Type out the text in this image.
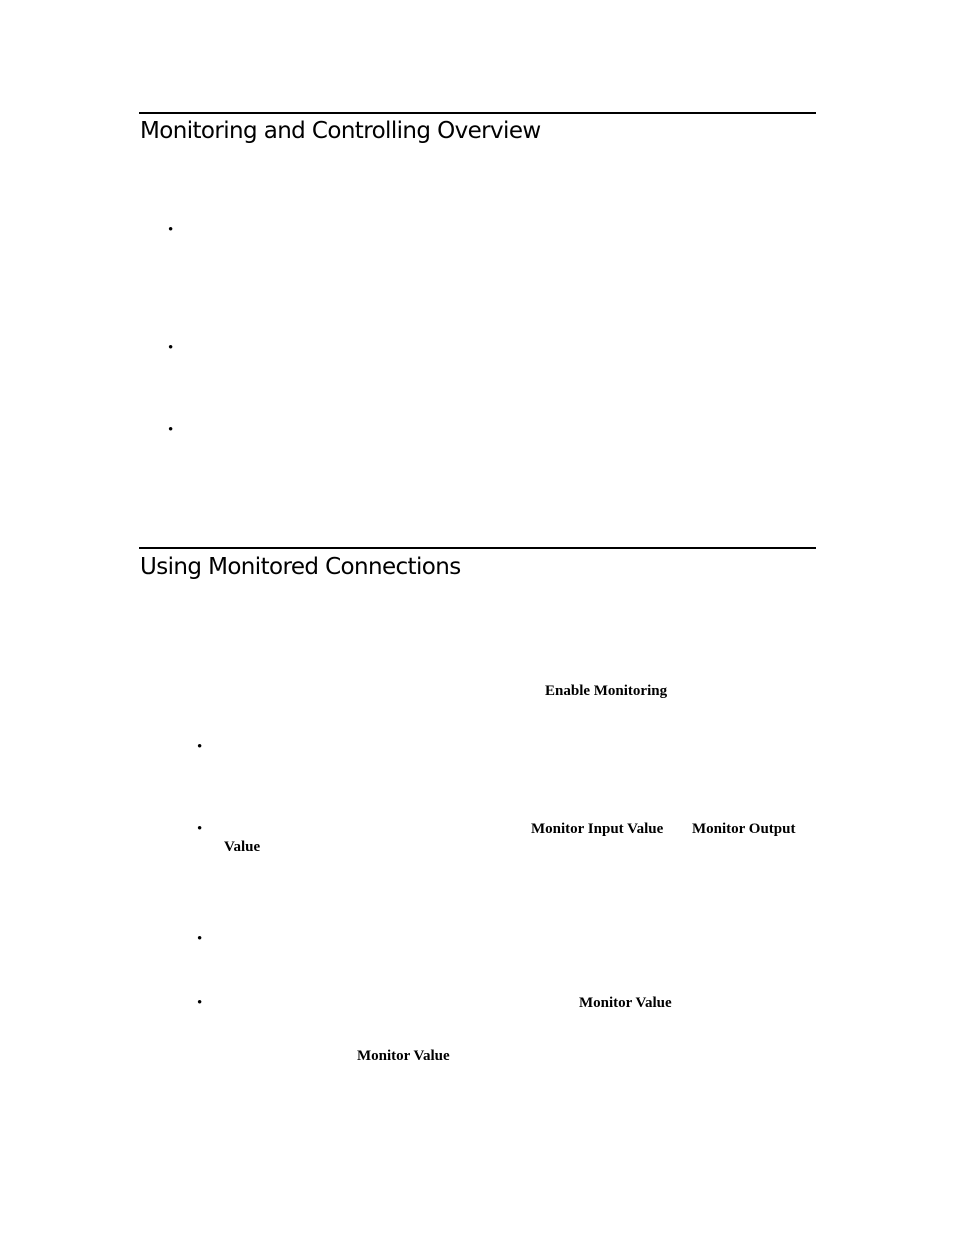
Monitoring and Controlling Overview
•
•
•
Using Monitored Connections
Enable Monitoring
•
•	Monitor Input Value Monitor Output
Value
•
•	Monitor Value
Monitor Value
